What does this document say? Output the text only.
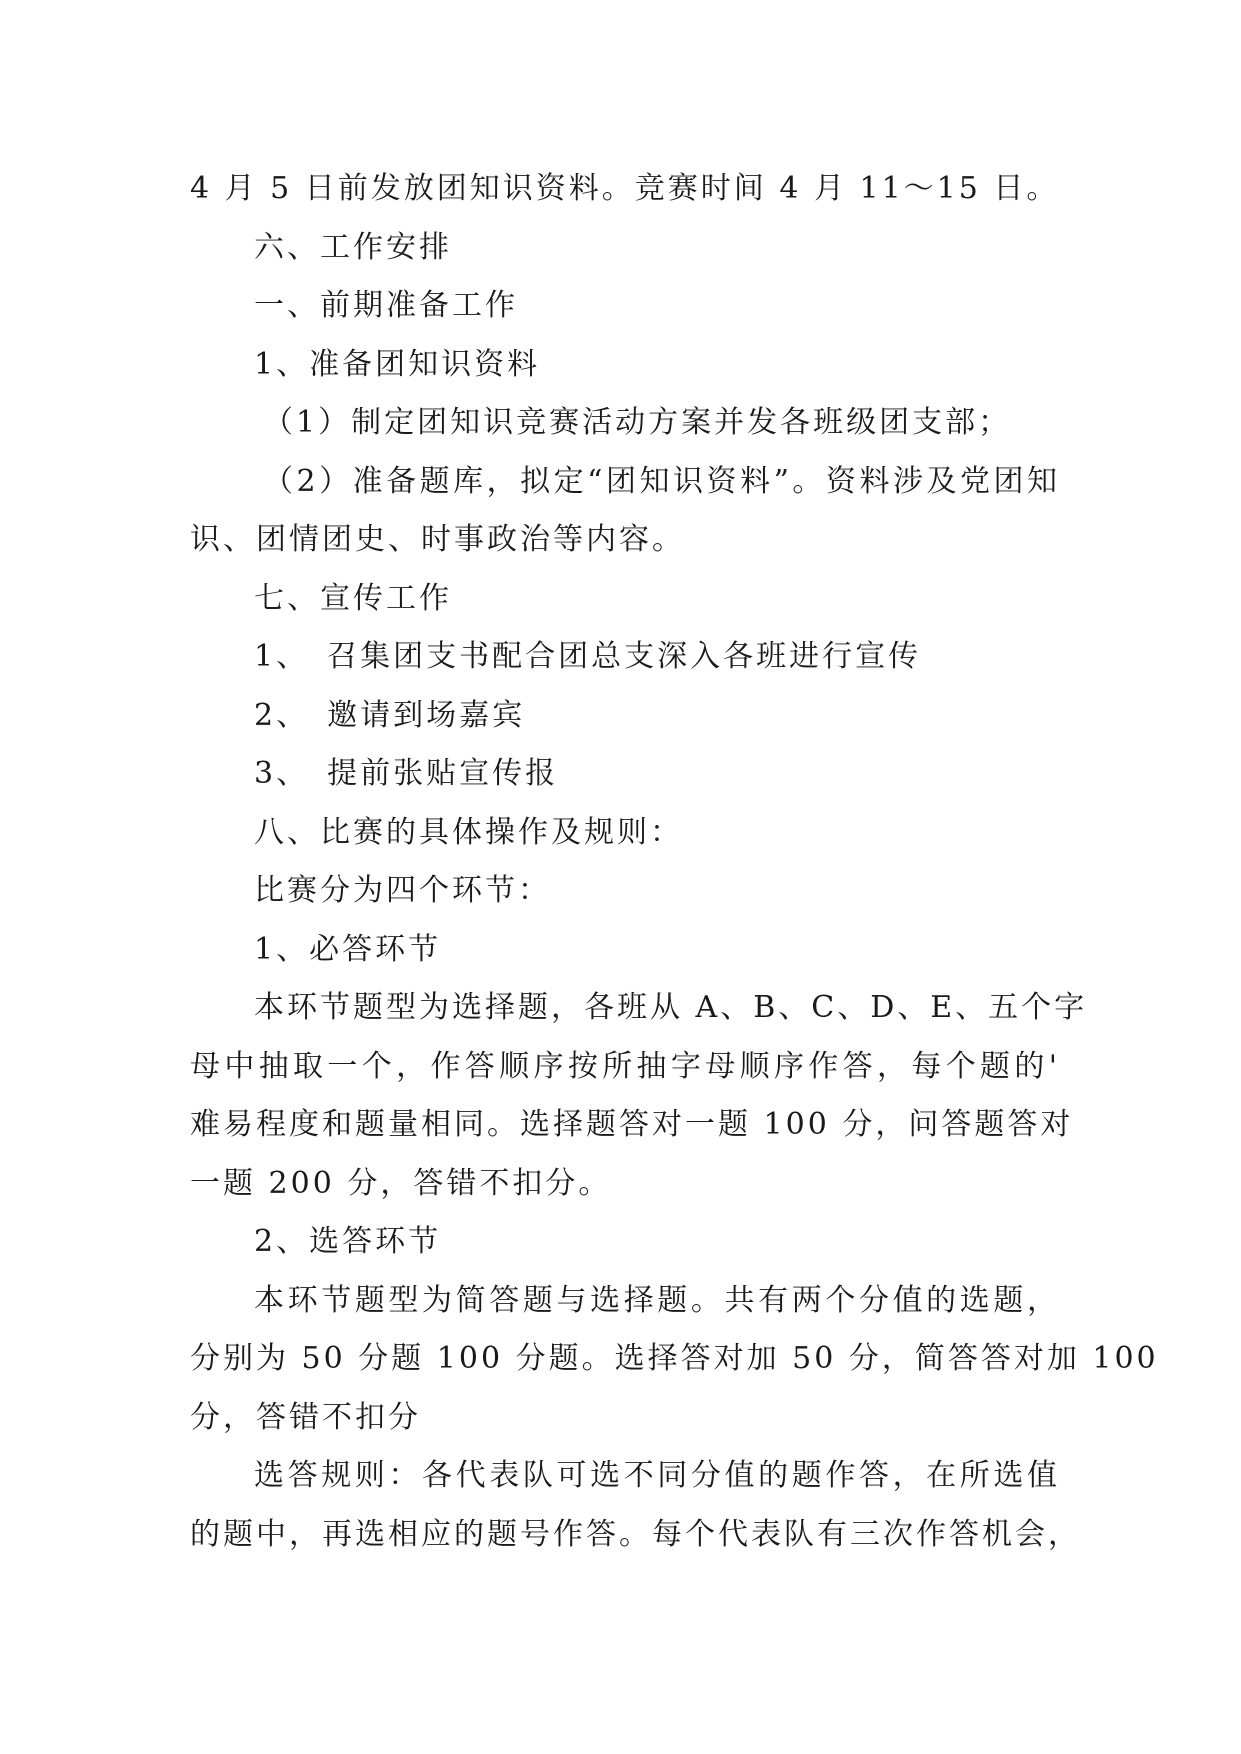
4 月 5 日前发放团知识资料。竞赛时间 4 月 11～15 日。
六、工作安排
一、前期准备工作
1、准备团知识资料
（1）制定团知识竞赛活动方案并发各班级团支部；
（2）准备题库，拟定“团知识资料”。资料涉及党团知
识、团情团史、时事政治等内容。
七、宣传工作
1、　召集团支书配合团总支深入各班进行宣传
2、　邀请到场嘉宾
3、　提前张贴宣传报
八、比赛的具体操作及规则：
比赛分为四个环节：
1、必答环节
本环节题型为选择题，各班从 A、B、C、D、E、五个字
母中抽取一个，作答顺序按所抽字母顺序作答，每个题的'
难易程度和题量相同。选择题答对一题 100 分，问答题答对
一题 200 分，答错不扣分。
2、选答环节
本环节题型为简答题与选择题。共有两个分值的选题，
分别为 50 分题 100 分题。选择答对加 50 分，简答答对加 100
分，答错不扣分
选答规则：各代表队可选不同分值的题作答，在所选值
的题中，再选相应的题号作答。每个代表队有三次作答机会，
